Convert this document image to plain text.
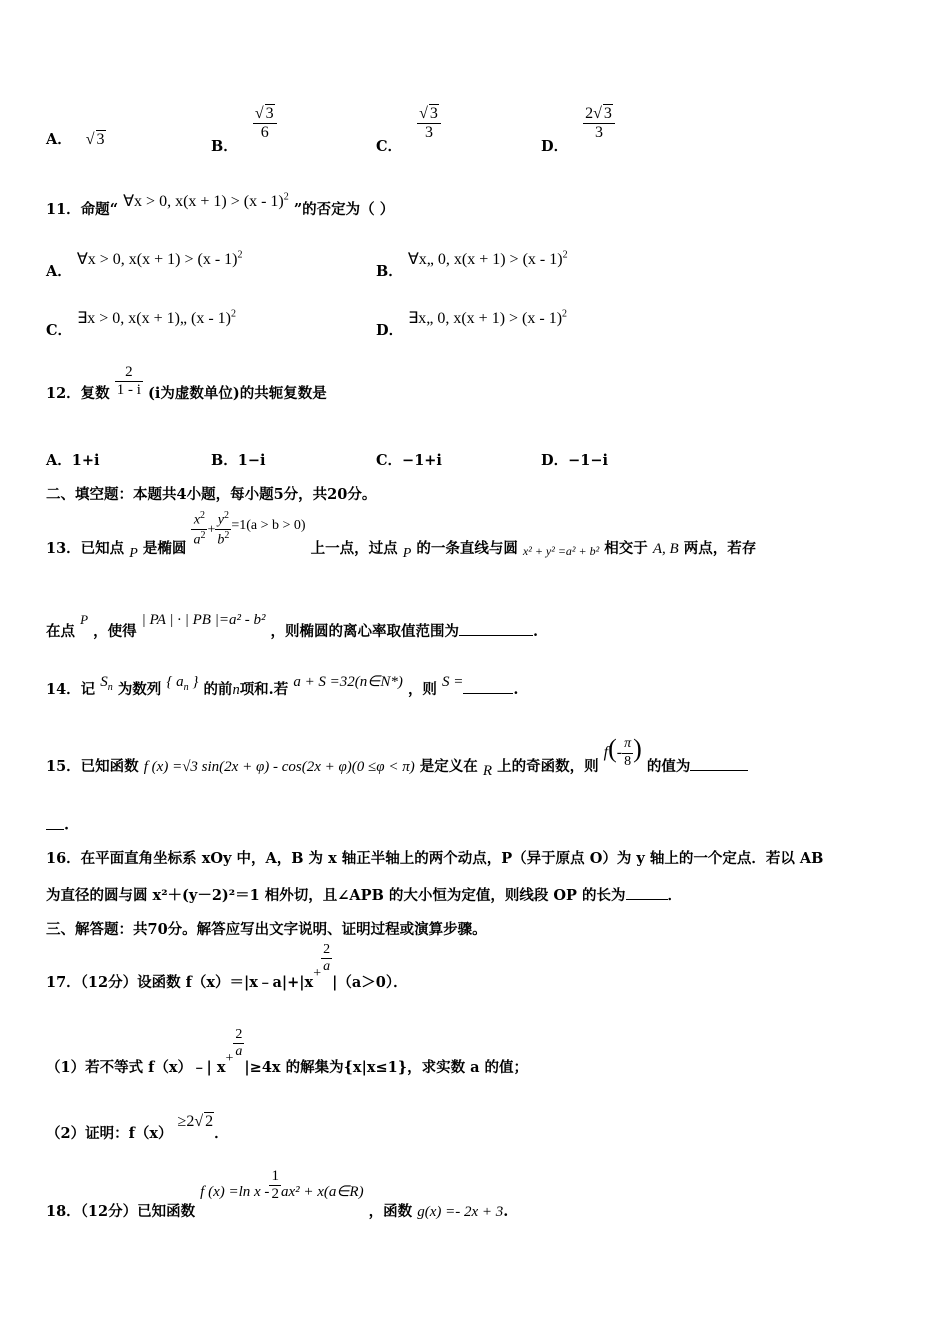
A． √ 3	B．
$\frac{√ 3}{6}$
C．
$\frac{√ 3}{3}$
D．
$\frac{2√ 3}{3}$
11．命题“ ∀x > 0, x(x + 1) > (x - 1)$^2$ ”的否定为（ ）
A． ∀x > 0, x(x + 1) > (x - 1)$^2$
B． ∀x„ 0, x(x + 1) > (x - 1)$^2$
C． ∃x > 0, x(x + 1)„ (x - 1)$^2$
D． ∃x„ 0, x(x + 1) > (x - 1)$^2$
12．复数 $\frac{2}{1 - i} (i$为虚数单位)的共轭复数是
A．1+i	B．1−i	C．−1+i	D．−1−i
二、填空题：本题共4小题，每小题5分，共20分。
13．已知点 P 是椭圆
$\frac{x^2}{a^2} + \frac{y^2}{b^2} =1(a > b > 0)$ 上一点，过点 P 的一条直线与圆 $_{x^2 + y^2 =a^2 + b^2}$ 相交于 A, B 两点，若存
在点 P ，使得 | PA | · | PB |=a² - b² ，则椭圆的离心率取值范围为	.
14．记 $S_n$ 为数列 { $a_n$ } 的前n项和.若 a + S =32(n∈N*) ，则 S =	.
15．已知函数 f (x) =√3 sin(2x + φ) - cos(2x + φ)(0 ≤φ < π) 是定义在 R 上的奇函数，则 $f(- \frac{\pi}{8}$ ) 的值为
.
16．在平面直角坐标系 xOy 中，A，B 为 x 轴正半轴上的两个动点，P（异于原点 O）为 y 轴上的一个定点．若以 AB
为直径的圆与圆 x²＋(y－2)²＝1 相外切，且∠APB 的大小恒为定值，则线段 OP 的长为	．
三、解答题：共70分。解答应写出文字说明、证明过程或演算步骤。
17．（12分）设函数 f（x）＝|x﹣a|+|x+ $\frac{2}{a}$
|（a＞0）．
（1）若不等式 f（x）﹣| $x+ \frac{2}{a}$
|≥4x 的解集为{x|x≤1}，求实数 a 的值；
（2）证明：f（x） ≥2√ 2．
18．（12分）已知函数 f (x) =ln x - $\frac{1}{2} ax^2$ + x(a∈R) ，函数 g(x) =- 2x + 3.
